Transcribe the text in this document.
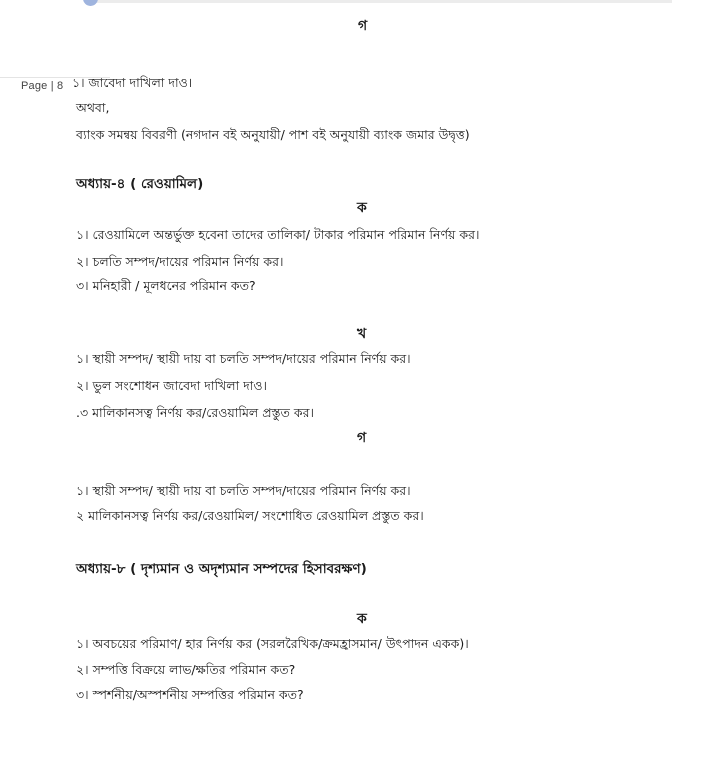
Page | 8
গ
১। জাবেদা দাখিলা দাও।
অথবা,
ব্যাংক সমন্বয় বিবরণী (নগদান বই অনুযায়ী/ পাশ বই অনুযায়ী ব্যাংক জমার উদ্বৃত্ত)
অধ্যায়-৪ ( রেওয়ামিল)
ক
১। রেওয়ামিলে অন্তর্ভুক্ত হবেনা তাদের তালিকা/ টাকার পরিমান পরিমান নির্ণয় কর।
২। চলতি সম্পদ/দায়ের পরিমান নির্ণয় কর।
৩। মনিহারী / মূলধনের পরিমান কত?
খ
১। স্থায়ী সম্পদ/ স্থায়ী দায় বা চলতি সম্পদ/দায়ের পরিমান নির্ণয় কর।
২। ভুল সংশোধন জাবেদা দাখিলা দাও।
.৩ মালিকানসত্ব নির্ণয় কর/রেওয়ামিল প্রস্তুত কর।
গ
১। স্থায়ী সম্পদ/ স্থায়ী দায় বা চলতি সম্পদ/দায়ের পরিমান নির্ণয় কর।
২ মালিকানসত্ব নির্ণয় কর/রেওয়ামিল/ সংশোধিত রেওয়ামিল প্রস্তুত কর।
অধ্যায়-৮ ( দৃশ্যমান ও অদৃশ্যমান সম্পদের হিসাবরক্ষণ)
ক
১। অবচয়ের পরিমাণ/ হার নির্ণয় কর (সরলরৈখিক/ক্রমহ্রাসমান/ উৎপাদন একক)।
২। সম্পত্তি বিক্রয়ে লাভ/ক্ষতির পরিমান কত?
৩। স্পর্শনীয়/অস্পর্শনীয় সম্পত্তির পরিমান কত?
